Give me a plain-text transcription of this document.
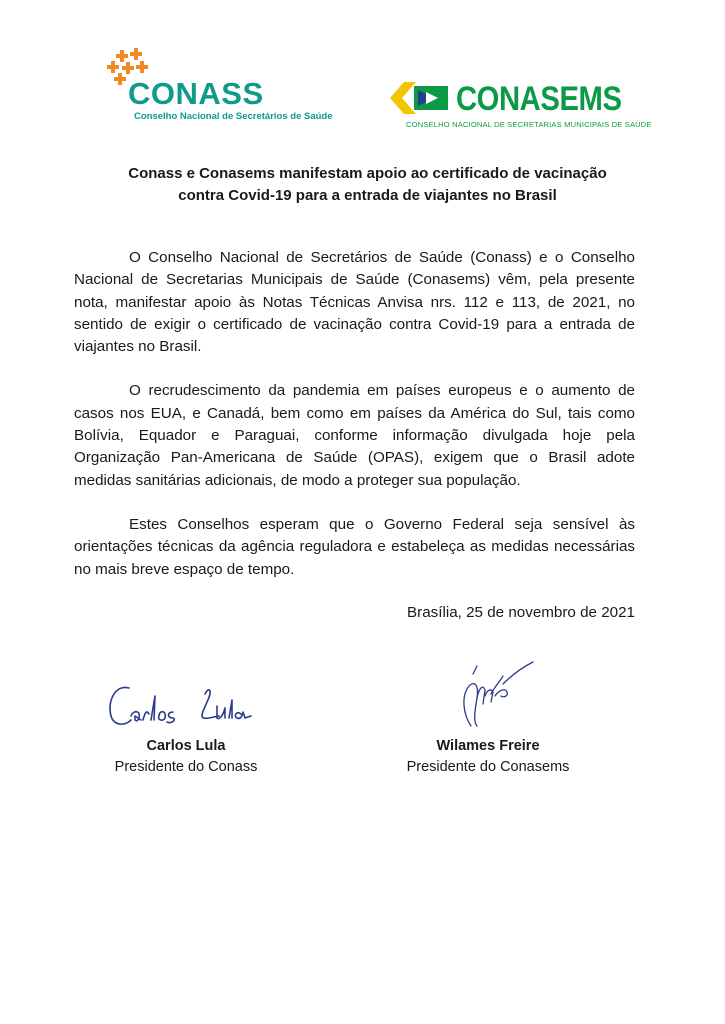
CONASS
Conselho Nacional de Secretários de Saúde	CONASEMS
CONSELHO NACIONAL DE SECRETARIAS MUNICIPAIS DE SAÚDE
Conass e Conasems manifestam apoio ao certificado de vacinação
contra Covid-19 para a entrada de viajantes no Brasil

O Conselho Nacional de Secretários de Saúde (Conass) e o Conselho Nacional de Secretarias Municipais de Saúde (Conasems) vêm, pela presente nota, manifestar apoio às Notas Técnicas Anvisa nrs. 112 e 113, de 2021, no sentido de exigir o certificado de vacinação contra Covid-19 para a entrada de viajantes no Brasil.

O recrudescimento da pandemia em países europeus e o aumento de casos nos EUA, e Canadá, bem como em países da América do Sul, tais como Bolívia, Equador e Paraguai, conforme informação divulgada hoje pela Organização Pan-Americana de Saúde (OPAS), exigem que o Brasil adote medidas sanitárias adicionais, de modo a proteger sua população.

Estes Conselhos esperam que o Governo Federal seja sensível às orientações técnicas da agência reguladora e estabeleça as medidas necessárias no mais breve espaço de tempo.

Brasília, 25 de novembro de 2021
Carlos Lula
Presidente do Conass
Wilames Freire
Presidente do Conasems
